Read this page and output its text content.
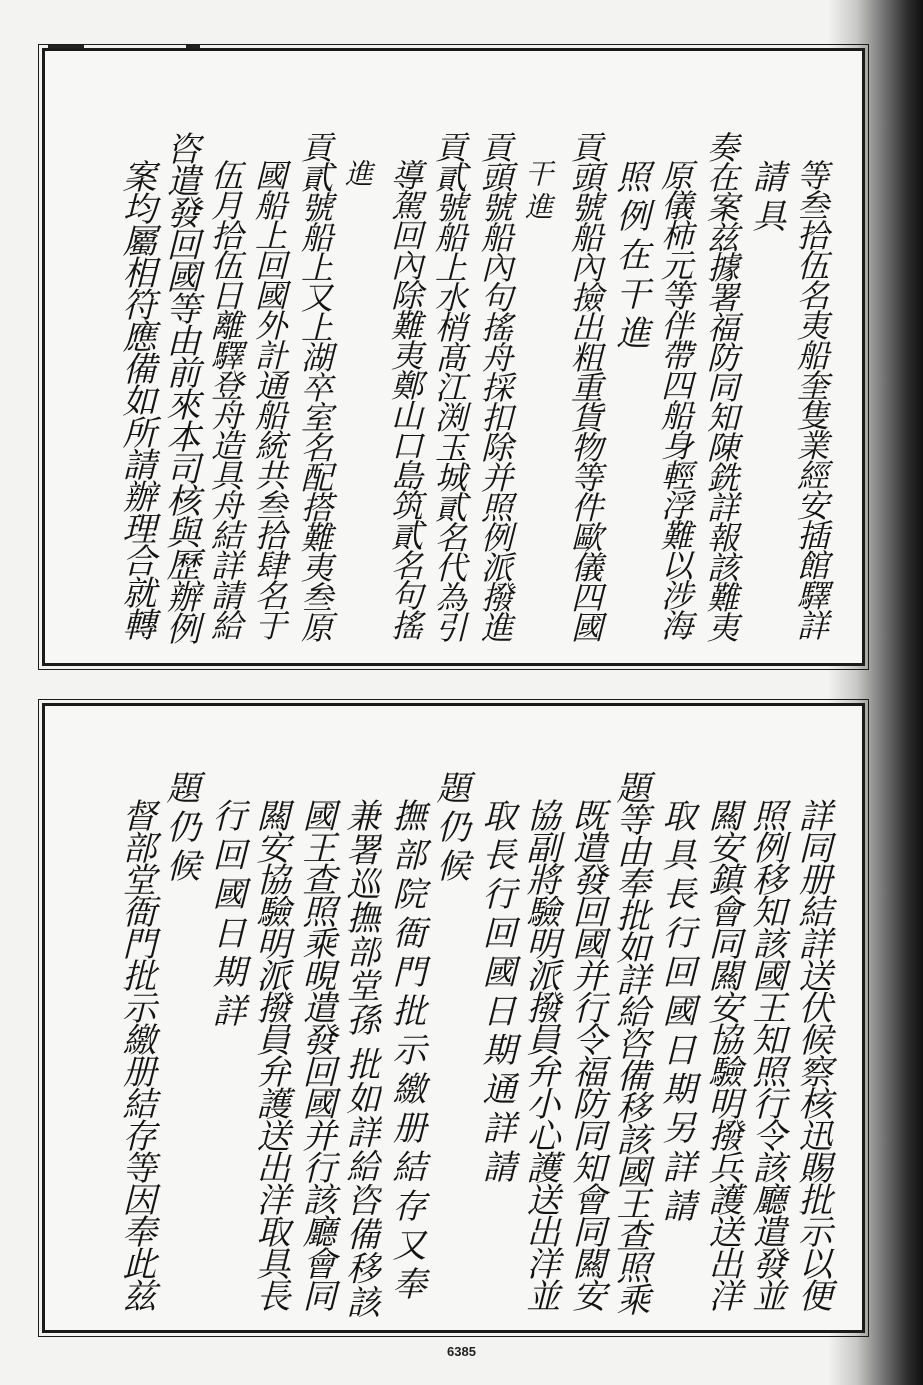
等叁拾伍名夷船奎隻業經安插館驛詳
請具
奏在案兹據署福防同知陳銑詳報該難夷
原儀柿元等伴帶四船身輕浮難以涉海
照例在干進
貢頭號船內撿出粗重貨物等件歐儀四國
干進
貢頭號船內句搖舟採扣除并照例派撥進
貢貳號船上水梢髙江渕玉城貳名代為引
導駕回內除難夷鄭山口島筑貳名句搖
進
貢貳號船上又上湖卒室名配搭難夷叁原
國船上回國外計通船統共叁拾肆名于
伍月拾伍日離驛登舟造具舟結詳請給
咨遣發回國等由前來本司核與歷辦例
案均屬相符應備如所請辦理合就轉
詳同册結詳送伏候察核迅賜批示以便
照例移知該國王知照行令該廳遣發並
闗安鎮會同闗安協驗明撥兵護送出洋
取具長行回國日期另詳請
題等由奉批如詳給咨備移該國王查照乘
既遣發回國并行令福防同知會同闗安
協副將驗明派撥員弁小心護送出洋並
取長行回國日期通詳請
題仍候
撫部院衙門批示繳册結存又奉
兼署巡撫部堂孫 批如詳給咨備移該
國王查照乘晛遣發回國并行該廳會同
闗安協驗明派撥員弁護送出洋取具長
行回國日期詳
題仍候
督部堂衙門批示繳册結存等因奉此兹
6385
